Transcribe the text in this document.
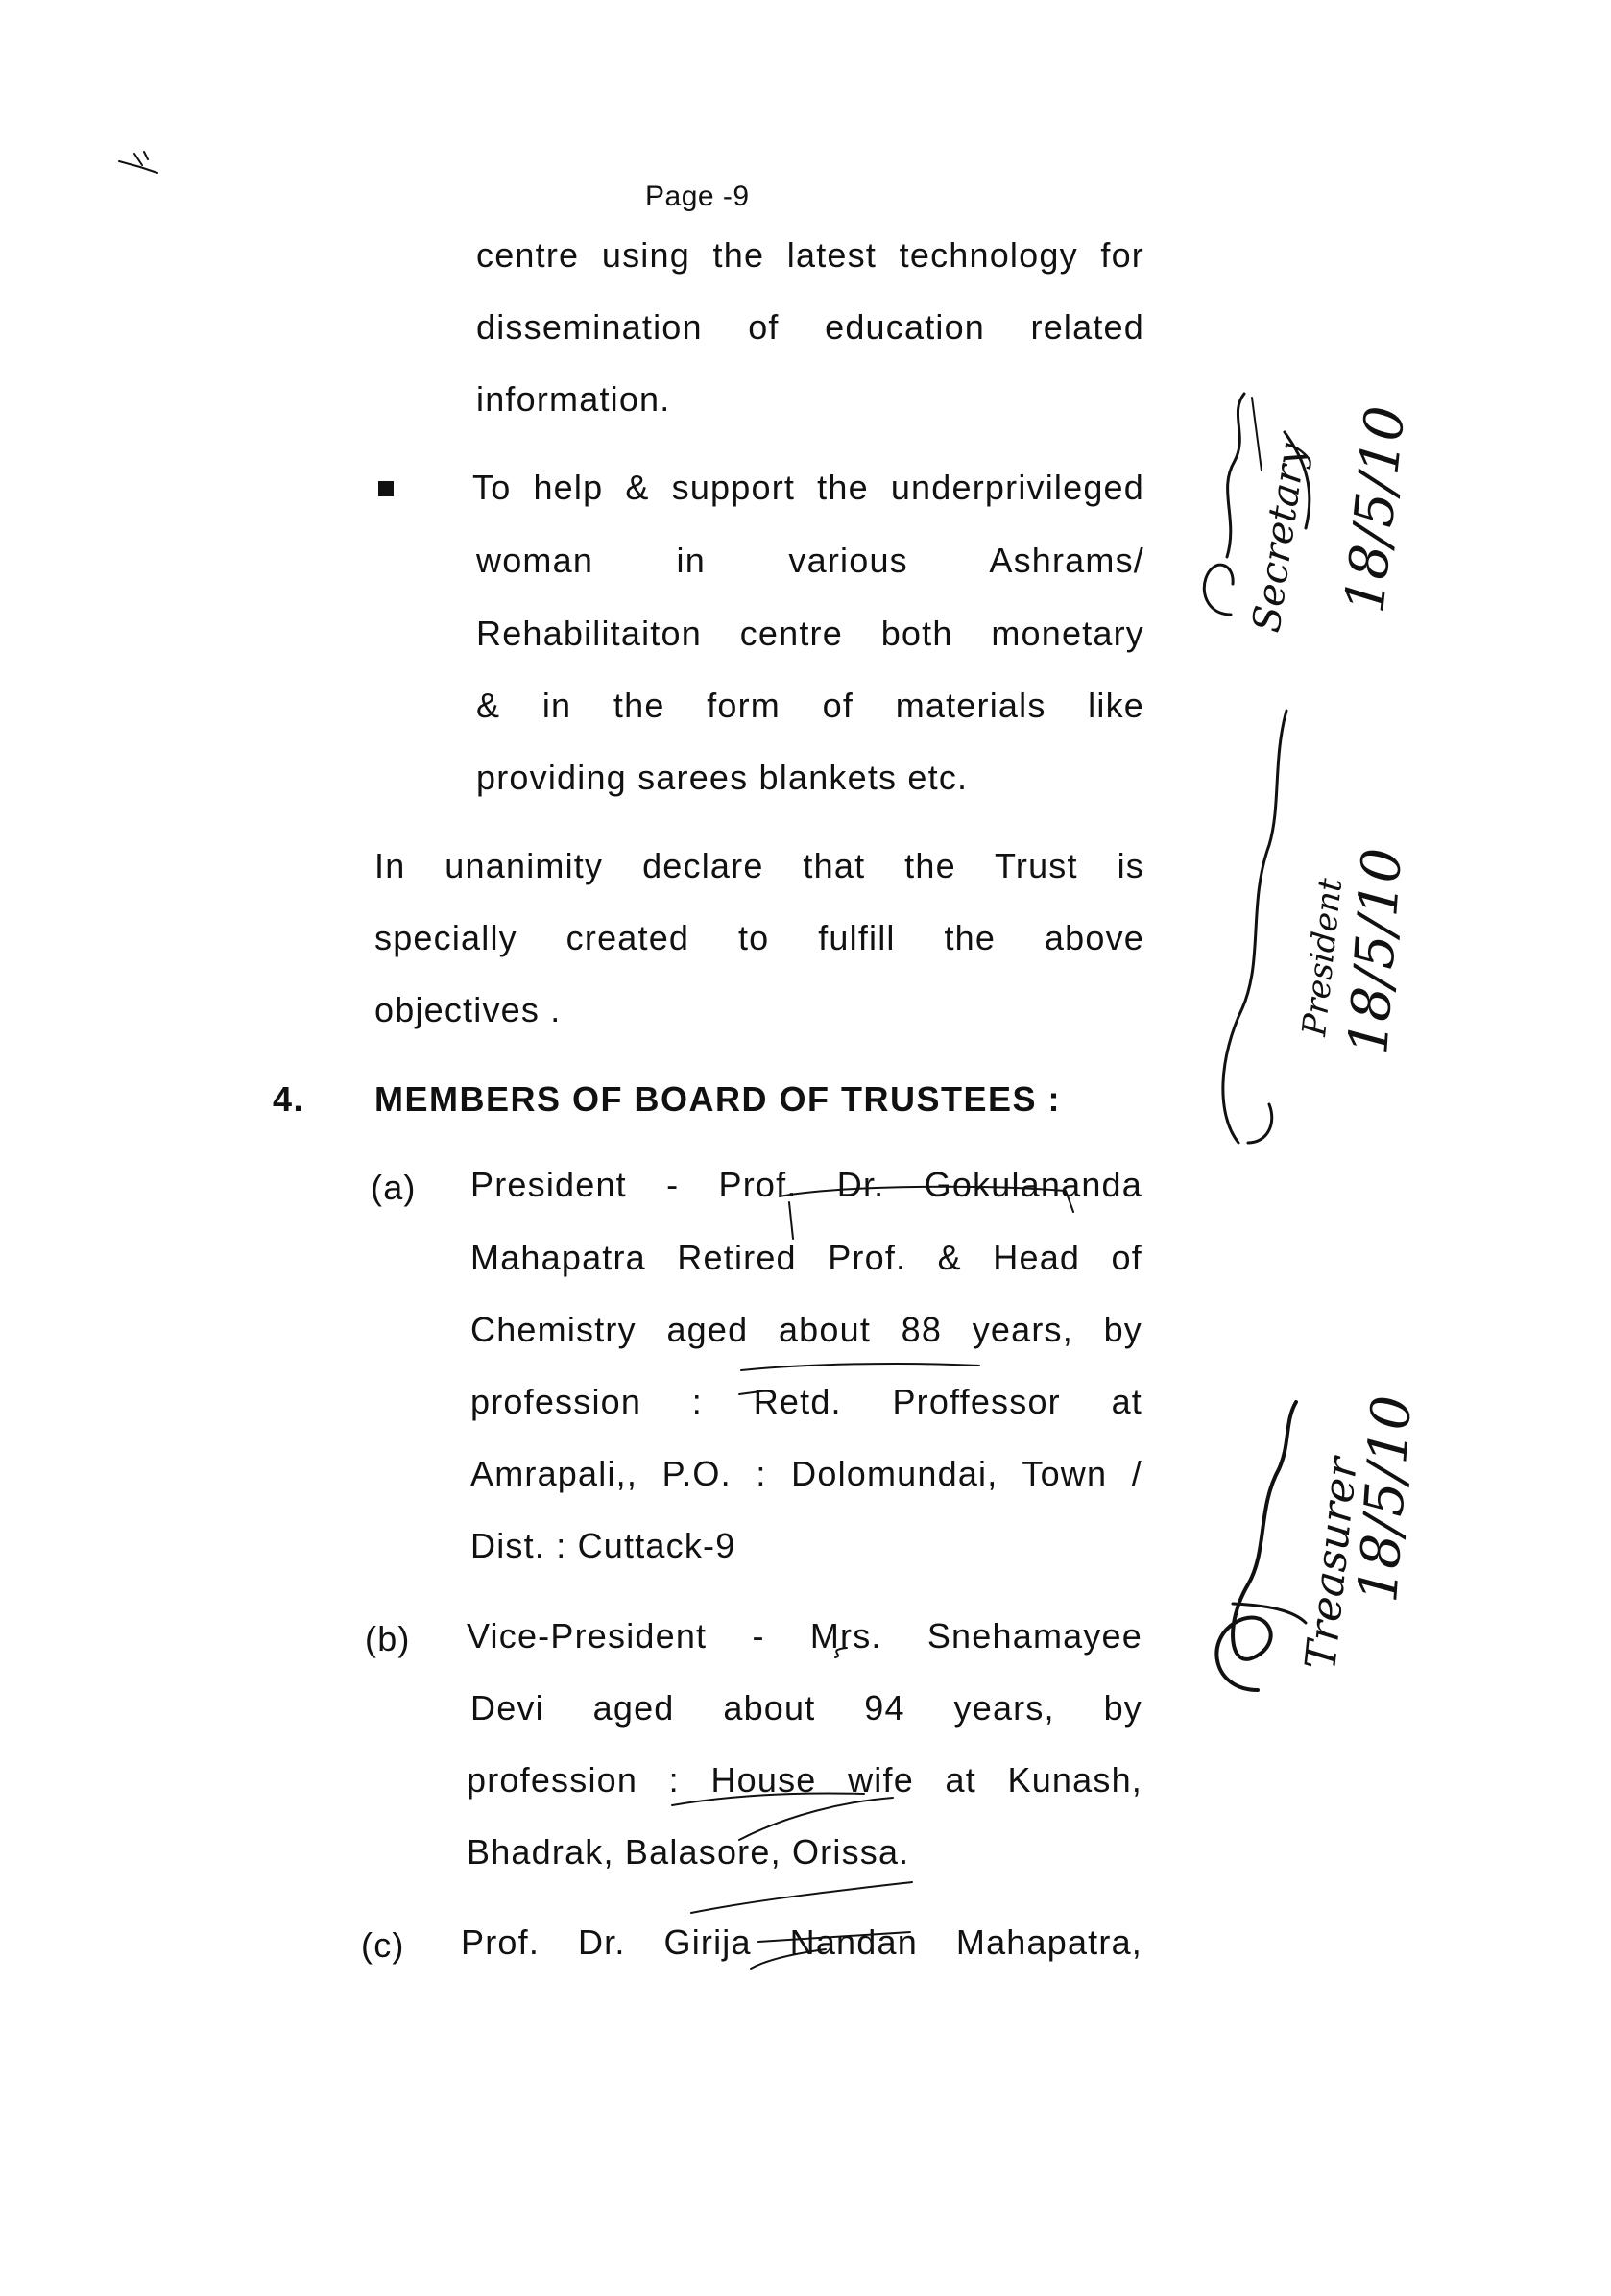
Page -9

centre using the latest technology for

dissemination of education related

information.

To help & support the underprivileged

woman in various Ashrams/

Rehabilitaiton centre both monetary

& in the form of materials like

providing sarees blankets etc.

In unanimity declare that the Trust is

specially created to fulfill the above

objectives .

4. MEMBERS OF BOARD OF TRUSTEES :
(a) President - Prof. Dr. Gokulananda

Mahapatra Retired Prof. & Head of

Chemistry aged about 88 years, by

profession : Retd. Proffessor at

Amrapali,, P.O. : Dolomundai, Town /

Dist. : Cuttack-9

(b) Vice-President - Mrs. Snehamayee

Devi aged about 94 years, by

profession : House wife at Kunash,

Bhadrak, Balasore, Orissa.

(c) Prof. Dr. Girija Nandan Mahapatra,

Secretary 18/5/10
President
18/5/10
Treasurer
18/5/10
